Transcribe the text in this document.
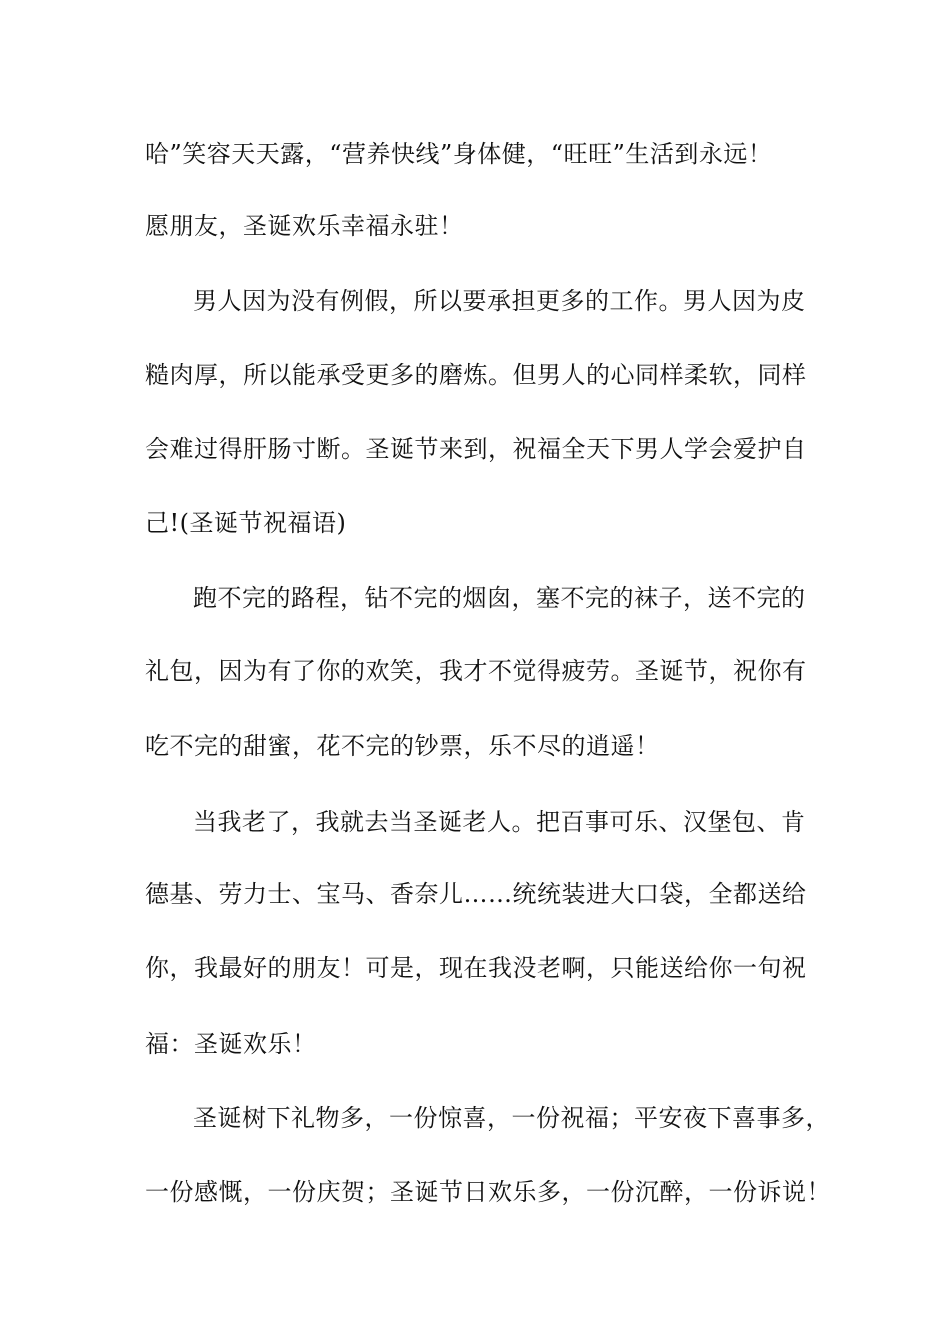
哈”笑容天天露，“营养快线”身体健，“旺旺”生活到永远！
愿朋友，圣诞欢乐幸福永驻！
男人因为没有例假，所以要承担更多的工作。男人因为皮
糙肉厚，所以能承受更多的磨炼。但男人的心同样柔软，同样
会难过得肝肠寸断。圣诞节来到，祝福全天下男人学会爱护自
己!(圣诞节祝福语)
跑不完的路程，钻不完的烟囱，塞不完的袜子，送不完的
礼包，因为有了你的欢笑，我才不觉得疲劳。圣诞节，祝你有
吃不完的甜蜜，花不完的钞票，乐不尽的逍遥！
当我老了，我就去当圣诞老人。把百事可乐、汉堡包、肯
德基、劳力士、宝马、香奈儿……统统装进大口袋，全都送给
你，我最好的朋友！可是，现在我没老啊，只能送给你一句祝
福：圣诞欢乐！
圣诞树下礼物多，一份惊喜，一份祝福；平安夜下喜事多，
一份感慨，一份庆贺；圣诞节日欢乐多，一份沉醉，一份诉说！
